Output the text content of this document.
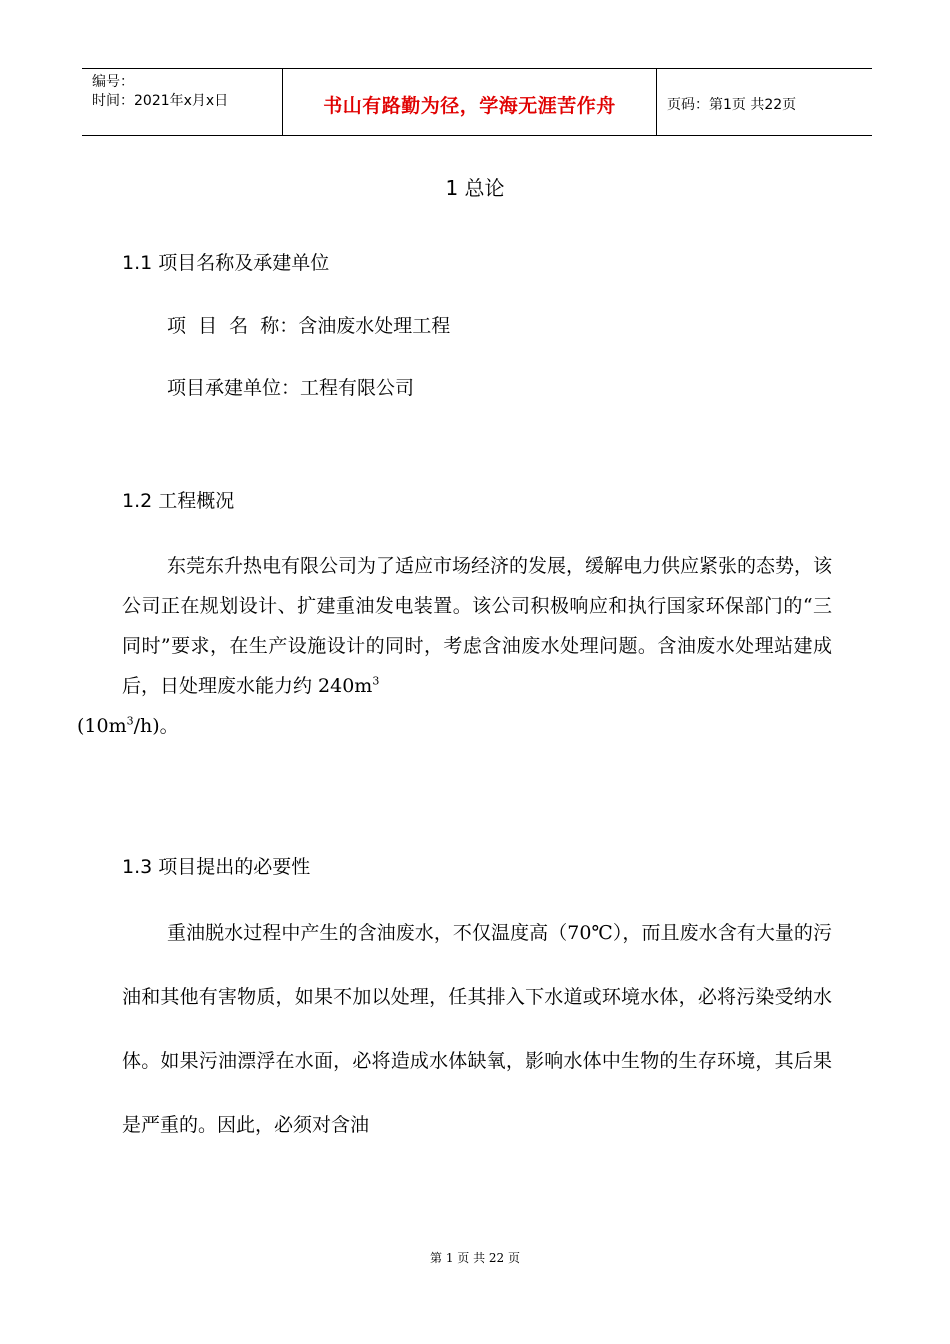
编号：
时间：2021年x月x日	书山有路勤为径，学海无涯苦作舟	页码：第1页 共22页
1 总论
1.1 项目名称及承建单位
项  目  名  称：含油废水处理工程
项目承建单位：工程有限公司
1.2 工程概况

东莞东升热电有限公司为了适应市场经济的发展，缓解电力供应紧张的态势，该公司正在规划设计、扩建重油发电装置。该公司积极响应和执行国家环保部门的“三同时”要求，在生产设施设计的同时，考虑含油废水处理问题。含油废水处理站建成后，日处理废水能力约 $240m^3$
$(10m^3/h)$。

1.3 项目提出的必要性

重油脱水过程中产生的含油废水，不仅温度高（70℃），而且废水含有大量的污油和其他有害物质，如果不加以处理，任其排入下水道或环境水体，必将污染受纳水体。如果污油漂浮在水面，必将造成水体缺氧，影响水体中生物的生存环境，其后果是严重的。因此，必须对含油

第 1 页 共 22 页
